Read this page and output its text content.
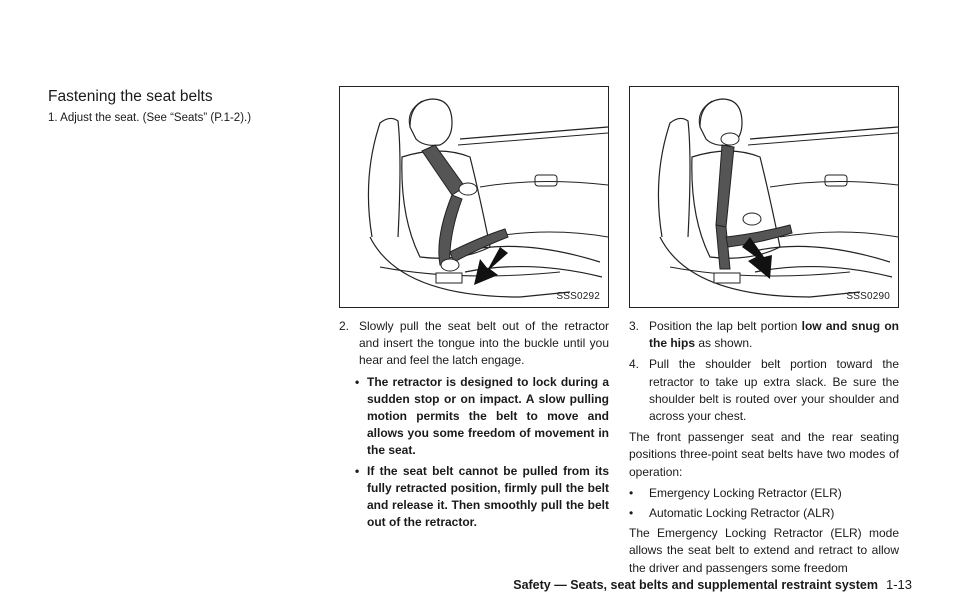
Fastening the seat belts
1. Adjust the seat. (See “Seats” (P.1-2).)
SSS0292	SSS0290
2. Slowly pull the seat belt out of the retractor and insert the tongue into the buckle until you hear and feel the latch engage.
• The retractor is designed to lock during a sudden stop or on impact. A slow pulling motion permits the belt to move and allows you some freedom of movement in the seat.
• If the seat belt cannot be pulled from its fully retracted position, firmly pull the belt and release it. Then smoothly pull the belt out of the retractor.
3. Position the lap belt portion low and snug on the hips as shown.
4. Pull the shoulder belt portion toward the retractor to take up extra slack. Be sure the shoulder belt is routed over your shoulder and across your chest.
The front passenger seat and the rear seating positions three-point seat belts have two modes of operation:
• Emergency Locking Retractor (ELR)
• Automatic Locking Retractor (ALR)
The Emergency Locking Retractor (ELR) mode allows the seat belt to extend and retract to allow the driver and passengers some freedom
Safety — Seats, seat belts and supplemental restraint system 1-13
